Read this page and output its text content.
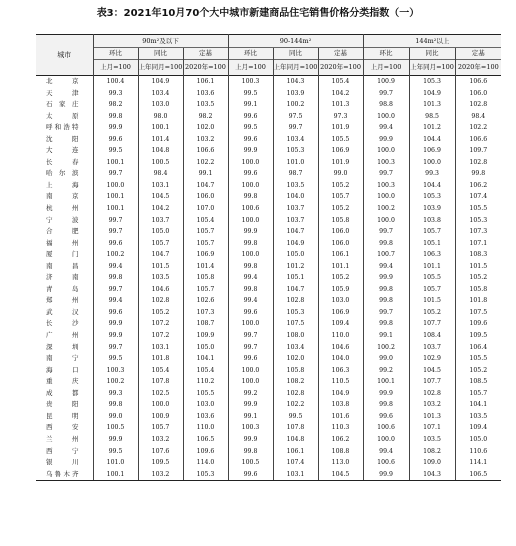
表3：2021年10月70个大中城市新建商品住宅销售价格分类指数（一）
城市	90m²及以下			90-144m²			144m²以上		
	环比	同比	定基	环比	同比	定基	环比	同比	定基
	上月=100	上年同月=100	2020年=100	上月=100	上年同月=100	2020年=100	上月=100	上年同月=100	2020年=100
北京	100.4	104.9	106.1	100.3	104.3	105.4	100.9	105.3	106.6
天津	99.3	103.4	103.6	99.5	103.9	104.2	99.7	104.9	106.0
石家庄	98.2	103.0	103.5	99.1	100.2	101.3	98.8	101.3	102.8
太原	99.8	98.0	98.2	99.6	97.5	97.3	100.0	98.5	98.4
呼和浩特	99.9	100.1	102.0	99.5	99.7	101.9	99.4	101.2	102.2
沈阳	99.6	101.4	103.2	99.6	103.4	105.5	99.9	104.4	106.6
大连	99.5	104.8	106.6	99.9	105.3	106.9	100.0	106.9	109.7
长春	100.1	100.5	102.2	100.0	101.0	101.9	100.3	100.0	102.8
哈尔滨	99.7	98.4	99.1	99.6	98.7	99.0	99.7	99.3	99.8
上海	100.0	103.1	104.7	100.0	103.5	105.2	100.3	104.4	106.2
南京	100.1	104.5	106.0	99.8	104.0	105.7	100.0	105.3	107.4
杭州	100.1	104.2	107.0	100.6	103.7	105.2	100.2	103.9	105.5
宁波	99.7	103.7	105.4	100.0	103.7	105.8	100.0	103.8	105.3
合肥	99.7	105.0	105.7	99.9	104.7	106.0	99.7	105.7	107.3
福州	99.6	105.7	105.7	99.8	104.9	106.0	99.8	105.1	107.1
厦门	100.2	104.7	106.9	100.0	105.0	106.1	100.7	106.3	108.3
南昌	99.4	101.5	101.4	99.8	101.2	101.1	99.4	101.1	101.5
济南	99.8	103.5	105.8	99.4	105.1	105.2	99.9	105.5	105.2
青岛	99.7	104.6	105.7	99.8	104.7	105.9	99.8	105.7	105.8
郑州	99.4	102.8	102.6	99.4	102.8	103.0	99.8	101.5	101.8
武汉	99.6	105.2	107.3	99.6	105.3	106.9	99.7	105.2	107.5
长沙	99.9	107.2	108.7	100.0	107.5	109.4	99.8	107.7	109.6
广州	99.9	107.2	109.9	99.7	108.0	110.0	99.1	108.4	109.5
深圳	99.7	103.1	105.0	99.7	103.4	104.6	100.2	103.7	106.4
南宁	99.5	101.8	104.1	99.6	102.0	104.0	99.0	102.9	105.5
海口	100.3	105.4	105.4	100.0	105.8	106.3	99.2	104.5	105.2
重庆	100.2	107.8	110.2	100.0	108.2	110.5	100.1	107.7	108.5
成都	99.3	102.5	105.5	99.2	102.8	104.9	99.9	102.8	105.7
贵阳	99.8	100.0	103.0	99.9	102.2	103.8	99.8	103.2	104.1
昆明	99.0	100.9	103.6	99.1	99.5	101.6	99.6	101.3	103.5
西安	100.5	105.7	110.0	100.3	107.8	110.3	100.6	107.1	109.4
兰州	99.9	103.2	106.5	99.9	104.8	106.2	100.0	103.5	105.0
西宁	99.5	107.6	109.6	99.8	106.1	108.8	99.4	108.2	110.6
银川	101.0	109.5	114.0	100.5	107.4	113.0	100.6	109.0	114.1
乌鲁木齐	100.1	103.2	105.3	99.6	103.1	104.5	99.9	104.3	106.5
